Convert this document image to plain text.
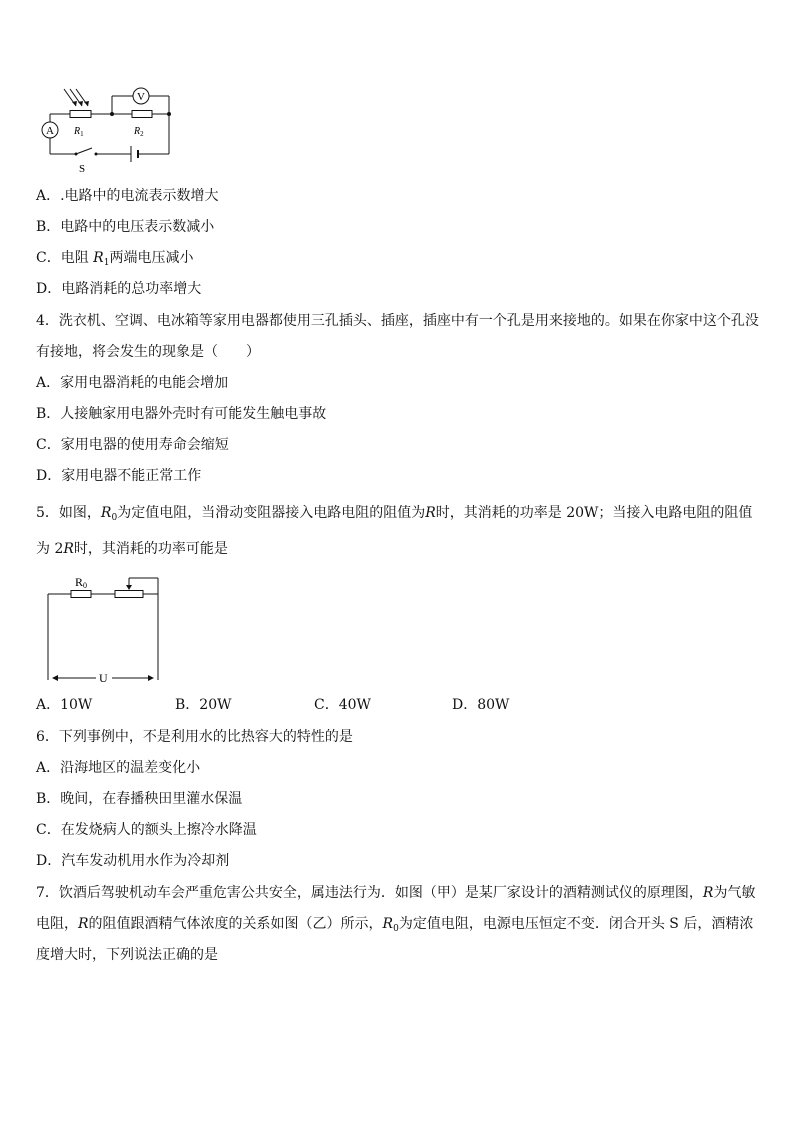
A
V
$R_1$	$R_2$
S
A．.电路中的电流表示数增大
B．电路中的电压表示数减小
C．电阻 $R_1$两端电压减小
D．电路消耗的总功率增大
4．洗衣机、空调、电冰箱等家用电器都使用三孔插头、插座，插座中有一个孔是用来接地的。如果在你家中这个孔没
有接地，将会发生的现象是（　　）
A．家用电器消耗的电能会增加
B．人接触家用电器外壳时有可能发生触电事故
C．家用电器的使用寿命会缩短
D．家用电器不能正常工作
5．如图，$R_0$为定值电阻，当滑动变阻器接入电路电阻的阻值为R时，其消耗的功率是 20W；当接入电路电阻的阻值
为 2R时，其消耗的功率可能是
R0
U
A．10W	B．20W	C．40W	D．80W
6．下列事例中，不是利用水的比热容大的特性的是
A．沿海地区的温差变化小
B．晚间，在春播秧田里灌水保温
C．在发烧病人的额头上擦冷水降温
D．汽车发动机用水作为冷却剂
7．饮酒后驾驶机动车会严重危害公共安全，属违法行为．如图（甲）是某厂家设计的酒精测试仪的原理图，R为气敏
电阻，R的阻值跟酒精气体浓度的关系如图（乙）所示，$R_0$为定值电阻，电源电压恒定不变．闭合开头 S 后，酒精浓
度增大时，下列说法正确的是
